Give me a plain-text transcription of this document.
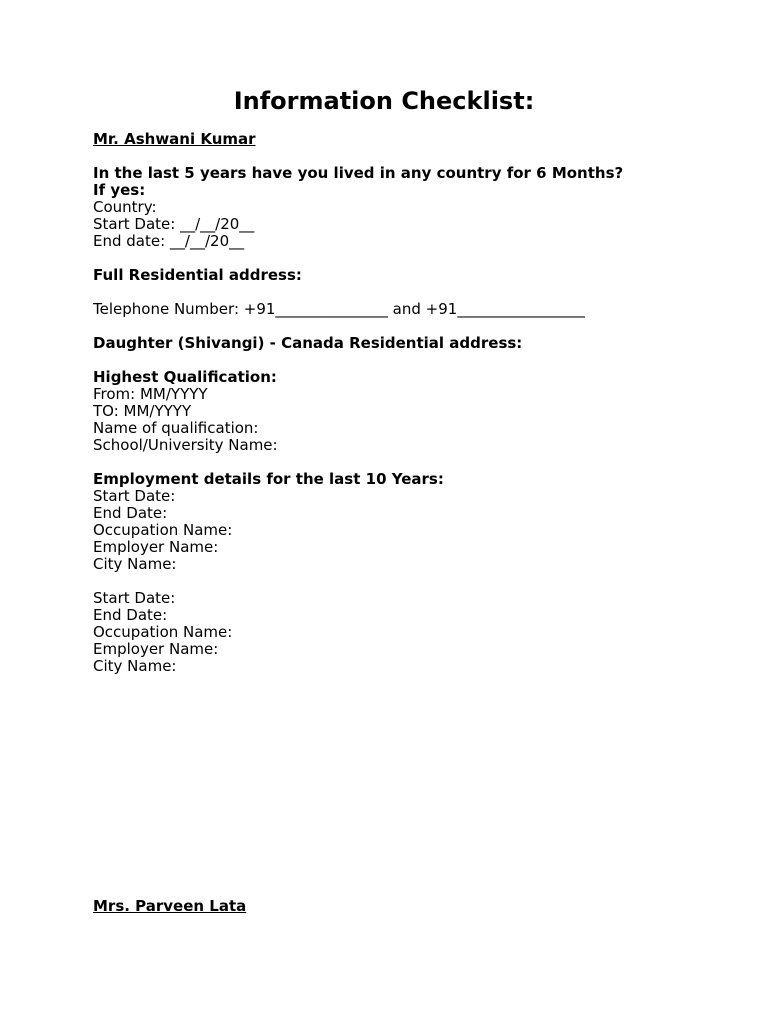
Information Checklist:
Mr. Ashwani Kumar
In the last 5 years have you lived in any country for 6 Months?
If yes:
Country:
Start Date: __/__/20__
End date: __/__/20__
Full Residential address:
Telephone Number: +91_______________ and +91_________________
Daughter (Shivangi) - Canada Residential address:
Highest Qualification:
From: MM/YYYY
TO: MM/YYYY
Name of qualification:
School/University Name:
Employment details for the last 10 Years:
Start Date:
End Date:
Occupation Name:
Employer Name:
City Name:
Start Date:
End Date:
Occupation Name:
Employer Name:
City Name:
Mrs. Parveen Lata
